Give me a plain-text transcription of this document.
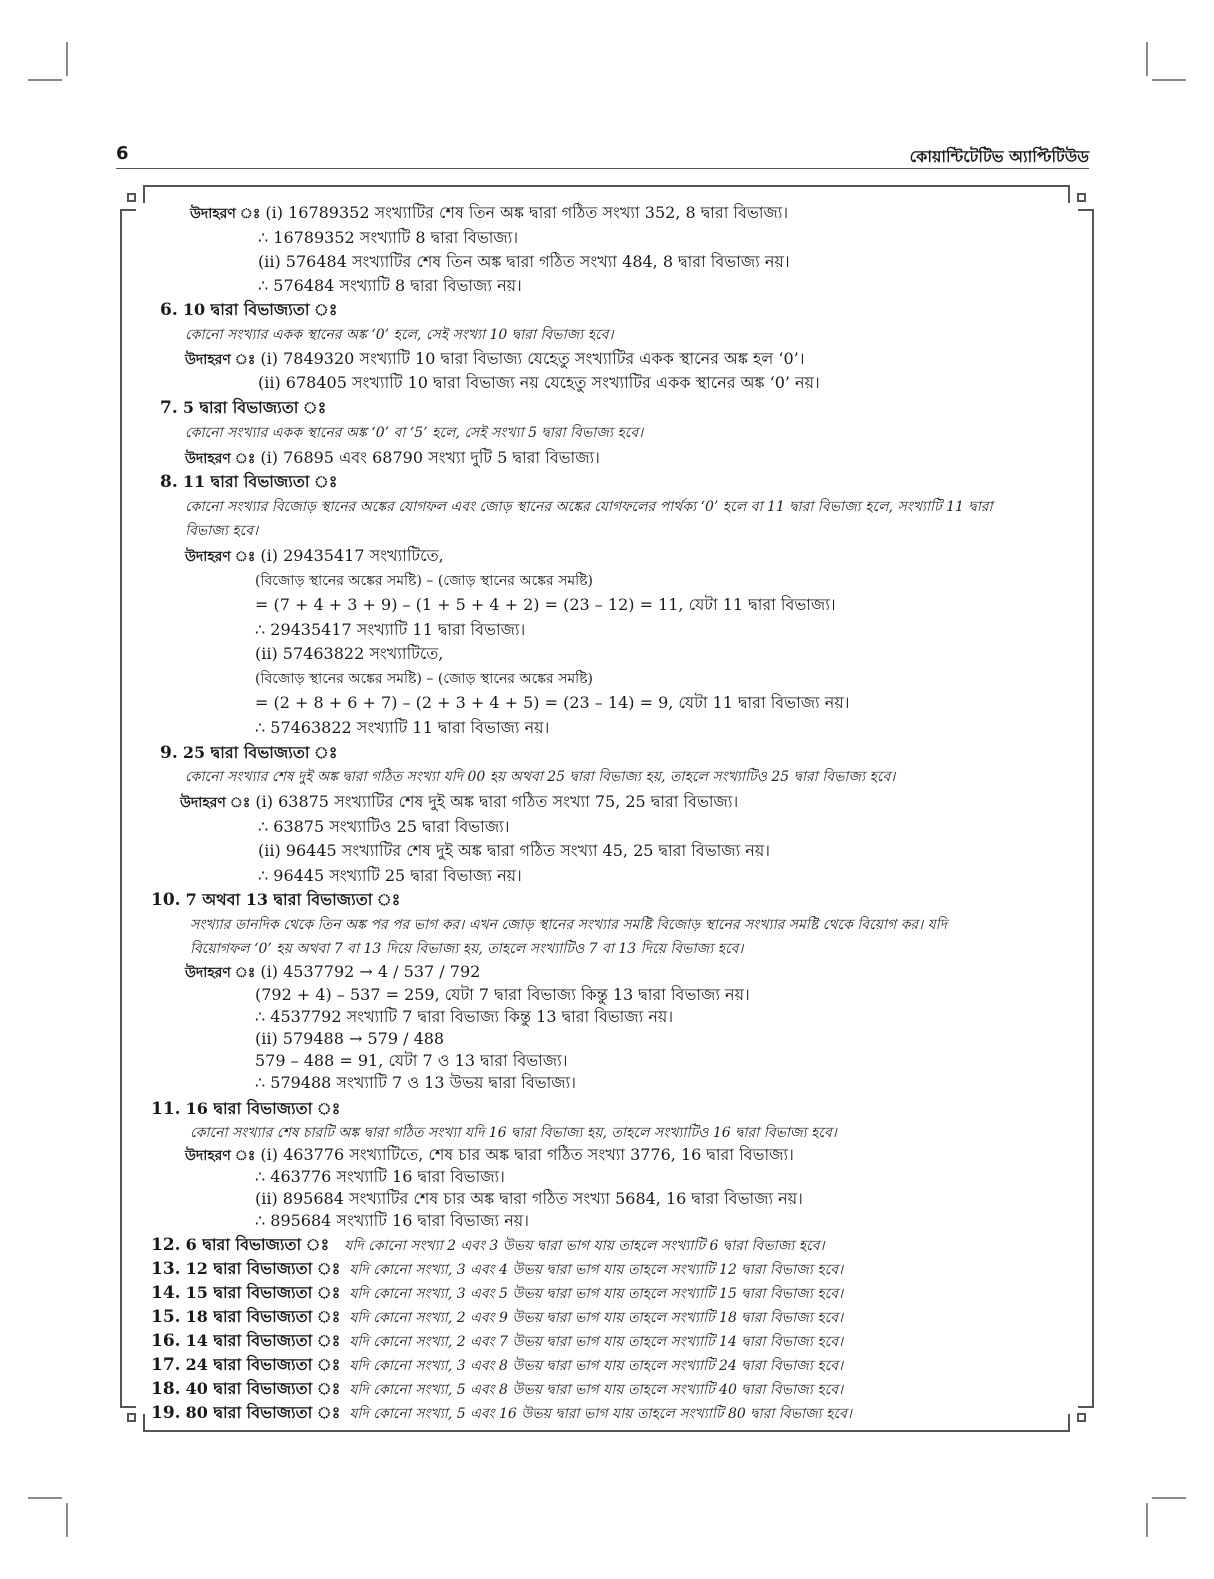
6	কোয়ান্টিটেটিভ অ্যাপ্টিটিউড
উদাহরণ ঃ (i) 16789352 সংখ্যাটির শেষ তিন অঙ্ক দ্বারা গঠিত সংখ্যা 352, 8 দ্বারা বিভাজ্য।
∴ 16789352 সংখ্যাটি 8 দ্বারা বিভাজ্য।
(ii) 576484 সংখ্যাটির শেষ তিন অঙ্ক দ্বারা গঠিত সংখ্যা 484, 8 দ্বারা বিভাজ্য নয়।
∴ 576484 সংখ্যাটি 8 দ্বারা বিভাজ্য নয়।
6. 10 দ্বারা বিভাজ্যতা ঃ
কোনো সংখ্যার একক স্থানের অঙ্ক ‘0’ হলে, সেই সংখ্যা 10 দ্বারা বিভাজ্য হবে।
উদাহরণ ঃ (i) 7849320 সংখ্যাটি 10 দ্বারা বিভাজ্য যেহেতু সংখ্যাটির একক স্থানের অঙ্ক হল ‘0’।
(ii) 678405 সংখ্যাটি 10 দ্বারা বিভাজ্য নয় যেহেতু সংখ্যাটির একক স্থানের অঙ্ক ‘0’ নয়।
7. 5 দ্বারা বিভাজ্যতা ঃ
কোনো সংখ্যার একক স্থানের অঙ্ক ‘0’ বা ‘5’ হলে, সেই সংখ্যা 5 দ্বারা বিভাজ্য হবে।
উদাহরণ ঃ (i) 76895 এবং 68790 সংখ্যা দুটি 5 দ্বারা বিভাজ্য।
8. 11 দ্বারা বিভাজ্যতা ঃ
কোনো সংখ্যার বিজোড় স্থানের অঙ্কের যোগফল এবং জোড় স্থানের অঙ্কের যোগফলের পার্থক্য ‘0’ হলে বা 11 দ্বারা বিভাজ্য হলে, সংখ্যাটি 11 দ্বারা
বিভাজ্য হবে।
উদাহরণ ঃ (i) 29435417 সংখ্যাটিতে,
(বিজোড় স্থানের অঙ্কের সমষ্টি) – (জোড় স্থানের অঙ্কের সমষ্টি)
= (7 + 4 + 3 + 9) – (1 + 5 + 4 + 2) = (23 – 12) = 11, যেটা 11 দ্বারা বিভাজ্য।
∴ 29435417 সংখ্যাটি 11 দ্বারা বিভাজ্য।
(ii) 57463822 সংখ্যাটিতে,
(বিজোড় স্থানের অঙ্কের সমষ্টি) – (জোড় স্থানের অঙ্কের সমষ্টি)
= (2 + 8 + 6 + 7) – (2 + 3 + 4 + 5) = (23 – 14) = 9, যেটা 11 দ্বারা বিভাজ্য নয়।
∴ 57463822 সংখ্যাটি 11 দ্বারা বিভাজ্য নয়।
9. 25 দ্বারা বিভাজ্যতা ঃ
কোনো সংখ্যার শেষ দুই অঙ্ক দ্বারা গঠিত সংখ্যা যদি 00 হয় অথবা 25 দ্বারা বিভাজ্য হয়, তাহলে সংখ্যাটিও 25 দ্বারা বিভাজ্য হবে।
উদাহরণ ঃ (i) 63875 সংখ্যাটির শেষ দুই অঙ্ক দ্বারা গঠিত সংখ্যা 75, 25 দ্বারা বিভাজ্য।
∴ 63875 সংখ্যাটিও 25 দ্বারা বিভাজ্য।
(ii) 96445 সংখ্যাটির শেষ দুই অঙ্ক দ্বারা গঠিত সংখ্যা 45, 25 দ্বারা বিভাজ্য নয়।
∴ 96445 সংখ্যাটি 25 দ্বারা বিভাজ্য নয়।
10. 7 অথবা 13 দ্বারা বিভাজ্যতা ঃ
সংখ্যার ডানদিক থেকে তিন অঙ্ক পর পর ভাগ কর। এখন জোড় স্থানের সংখ্যার সমষ্টি বিজোড় স্থানের সংখ্যার সমষ্টি থেকে বিয়োগ কর। যদি
বিয়োগফল ‘0’ হয় অথবা 7 বা 13 দিয়ে বিভাজ্য হয়, তাহলে সংখ্যাটিও 7 বা 13 দিয়ে বিভাজ্য হবে।
উদাহরণ ঃ (i) 4537792 → 4 / 537 / 792
(792 + 4) – 537 = 259, যেটা 7 দ্বারা বিভাজ্য কিন্তু 13 দ্বারা বিভাজ্য নয়।
∴ 4537792 সংখ্যাটি 7 দ্বারা বিভাজ্য কিন্তু 13 দ্বারা বিভাজ্য নয়।
(ii) 579488 → 579 / 488
579 – 488 = 91, যেটা 7 ও 13 দ্বারা বিভাজ্য।
∴ 579488 সংখ্যাটি 7 ও 13 উভয় দ্বারা বিভাজ্য।
11. 16 দ্বারা বিভাজ্যতা ঃ
কোনো সংখ্যার শেষ চারটি অঙ্ক দ্বারা গঠিত সংখ্যা যদি 16 দ্বারা বিভাজ্য হয়, তাহলে সংখ্যাটিও 16 দ্বারা বিভাজ্য হবে।
উদাহরণ ঃ (i) 463776 সংখ্যাটিতে, শেষ চার অঙ্ক দ্বারা গঠিত সংখ্যা 3776, 16 দ্বারা বিভাজ্য।
∴ 463776 সংখ্যাটি 16 দ্বারা বিভাজ্য।
(ii) 895684 সংখ্যাটির শেষ চার অঙ্ক দ্বারা গঠিত সংখ্যা 5684, 16 দ্বারা বিভাজ্য নয়।
∴ 895684 সংখ্যাটি 16 দ্বারা বিভাজ্য নয়।
12. 6 দ্বারা বিভাজ্যতা ঃ যদি কোনো সংখ্যা 2 এবং 3 উভয় দ্বারা ভাগ যায় তাহলে সংখ্যাটি 6 দ্বারা বিভাজ্য হবে।
13. 12 দ্বারা বিভাজ্যতা ঃ যদি কোনো সংখ্যা, 3 এবং 4 উভয় দ্বারা ভাগ যায় তাহলে সংখ্যাটি 12 দ্বারা বিভাজ্য হবে।
14. 15 দ্বারা বিভাজ্যতা ঃ যদি কোনো সংখ্যা, 3 এবং 5 উভয় দ্বারা ভাগ যায় তাহলে সংখ্যাটি 15 দ্বারা বিভাজ্য হবে।
15. 18 দ্বারা বিভাজ্যতা ঃ যদি কোনো সংখ্যা, 2 এবং 9 উভয় দ্বারা ভাগ যায় তাহলে সংখ্যাটি 18 দ্বারা বিভাজ্য হবে।
16. 14 দ্বারা বিভাজ্যতা ঃ যদি কোনো সংখ্যা, 2 এবং 7 উভয় দ্বারা ভাগ যায় তাহলে সংখ্যাটি 14 দ্বারা বিভাজ্য হবে।
17. 24 দ্বারা বিভাজ্যতা ঃ যদি কোনো সংখ্যা, 3 এবং 8 উভয় দ্বারা ভাগ যায় তাহলে সংখ্যাটি 24 দ্বারা বিভাজ্য হবে।
18. 40 দ্বারা বিভাজ্যতা ঃ যদি কোনো সংখ্যা, 5 এবং 8 উভয় দ্বারা ভাগ যায় তাহলে সংখ্যাটি 40 দ্বারা বিভাজ্য হবে।
19. 80 দ্বারা বিভাজ্যতা ঃ যদি কোনো সংখ্যা, 5 এবং 16 উভয় দ্বারা ভাগ যায় তাহলে সংখ্যাটি 80 দ্বারা বিভাজ্য হবে।
